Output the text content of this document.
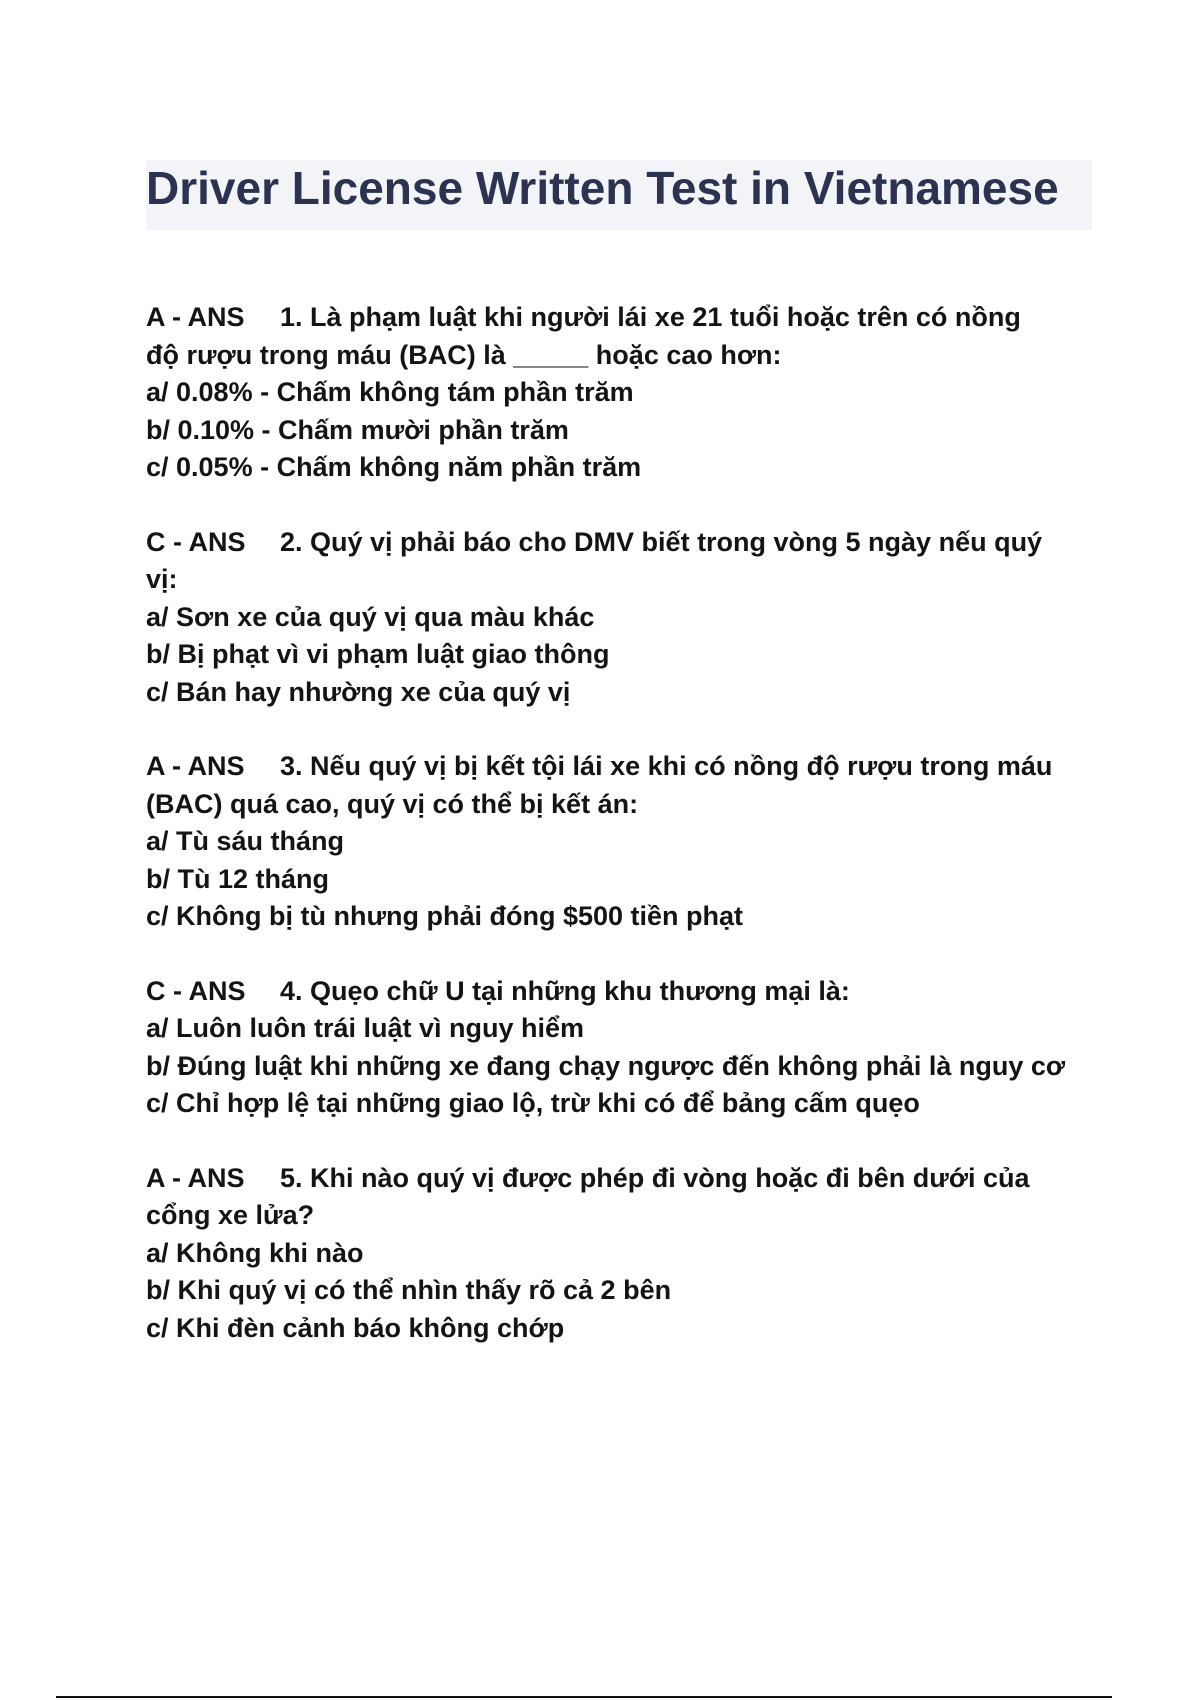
Driver License Written Test in Vietnamese
A - ANS 1. Là phạm luật khi người lái xe 21 tuổi hoặc trên có nồng
độ rượu trong máu (BAC) là _____ hoặc cao hơn:
a/ 0.08% - Chấm không tám phần trăm
b/ 0.10% - Chấm mười phần trăm
c/ 0.05% - Chấm không năm phần trăm
C - ANS 2. Quý vị phải báo cho DMV biết trong vòng 5 ngày nếu quý
vị:
a/ Sơn xe của quý vị qua màu khác
b/ Bị phạt vì vi phạm luật giao thông
c/ Bán hay nhường xe của quý vị
A - ANS 3. Nếu quý vị bị kết tội lái xe khi có nồng độ rượu trong máu
(BAC) quá cao, quý vị có thể bị kết án:
a/ Tù sáu tháng
b/ Tù 12 tháng
c/ Không bị tù nhưng phải đóng $500 tiền phạt
C - ANS 4. Quẹo chữ U tại những khu thương mại là:
a/ Luôn luôn trái luật vì nguy hiểm
b/ Đúng luật khi những xe đang chạy ngược đến không phải là nguy cơ
c/ Chỉ hợp lệ tại những giao lộ, trừ khi có để bảng cấm quẹo
A - ANS 5. Khi nào quý vị được phép đi vòng hoặc đi bên dưới của
cổng xe lửa?
a/ Không khi nào
b/ Khi quý vị có thể nhìn thấy rõ cả 2 bên
c/ Khi đèn cảnh báo không chớp
